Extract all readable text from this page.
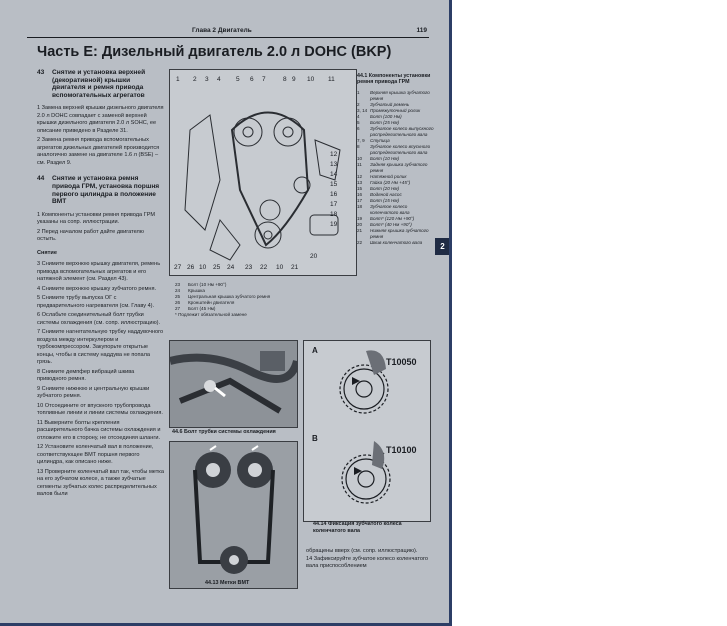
Глава 2 Двигатель	119
Часть Е: Дизельный двигатель 2.0 л DOHC (BKP)
43	Снятие и установка верхней (декоративной) крышки двигателя и ремня привода вспомогательных агрегатов

1 Замена верхней крышки дизельного двигателя 2.0 л DOHC совпадает с заменой верхней крышки дизельного двигателя 2.0 л SOHC, ее описание приведено в Разделе 31.

2 Замена ремня привода вспомогательных агрегатов дизельных двигателей производится аналогично замене на двигателе 1.6 л (BSE) – см. Раздел 9.

44	Снятие и установка ремня привода ГРМ, установка поршня первого цилиндра в положение ВМТ

1 Компоненты установки ремня привода ГРМ указаны на сопр. иллюстрации.

2 Перед началом работ дайте двигателю остыть.

Снятие

3 Снимите верхнюю крышку двигателя, ремень привода вспомогательных агрегатов и его натяжной элемент (см. Раздел 43).

4 Снимите верхнюю крышку зубчатого ремня.

5 Снимите трубу выпуска ОГ с предварительного нагревателя (см. Главу 4).

6 Ослабьте соединительный болт трубки системы охлаждения (см. сопр. иллюстрацию).

7 Снимите нагнетательную трубку наддувочного воздуха между интеркулером и турбокомпрессором. Закупорьте открытые концы, чтобы в систему наддува не попала грязь.

8 Снимите демпфер вибраций шкива приводного ремня.

9 Снимите нижнюю и центральную крышки зубчатого ремня.

10 Отсоедините от впускного трубопровода топливные линии и линии системы охлаждения.

11 Выверните болты крепления расширительного бачка системы охлаждения и отложите его в сторону, не отсоединяя шланги.

12 Установите коленчатый вал в положение, соответствующее ВМТ поршня первого цилиндра, как описано ниже.

13 Проверните коленчатый вал так, чтобы метка на его зубчатом колесе, а также зубчатые сегменты зубчатых колес распределительных валов были

1 2 3 4 5 6 7	8 9 10 11
12
13
14
15
16
17
18
19
27 26 10 25 24 23 22 10 21
20
44.1 Компоненты установки ремня привода ГРМ
1	Верхняя крышка зубчатого ремня
2	Зубчатый ремень
3, 14 Промежуточный ролик
4	Болт (100 Нм)
5	Болт (25 Нм)
6	Зубчатое колесо выпускного распределительного вала
7, 9	Ступица
8	Зубчатое колесо впускного распределительного вала
10	Болт (10 Нм)
11	Задняя крышка зубчатого ремня
12	Натяжной ролик
13	Гайка (20 Нм +45°)
15	Болт (20 Нм)
16	Водяной насос
17	Болт (15 Нм)
18	Зубчатое колесо коленчатого вала
19	Болт* (120 Нм +90°)
20	Болт* (40 Нм +90°)
21	Нижняя крышка зубчатого ремня
22	Шкив коленчатого вала
23	Болт (10 Нм +90°)
24	Крышка
25	Центральная крышка зубчатого ремня
26	Кронштейн двигателя
27	Болт (45 Нм)
* Подлежит обязательной замене
44.6 Болт трубки системы охлаждения
44.13 Метки ВМТ
A
B
T10050
T10100
44.14 Фиксация зубчатого колеса коленчатого вала

обращены вверх (см. сопр. иллюстрацию).

14 Зафиксируйте зубчатое колесо коленчатого вала приспособлением

2
